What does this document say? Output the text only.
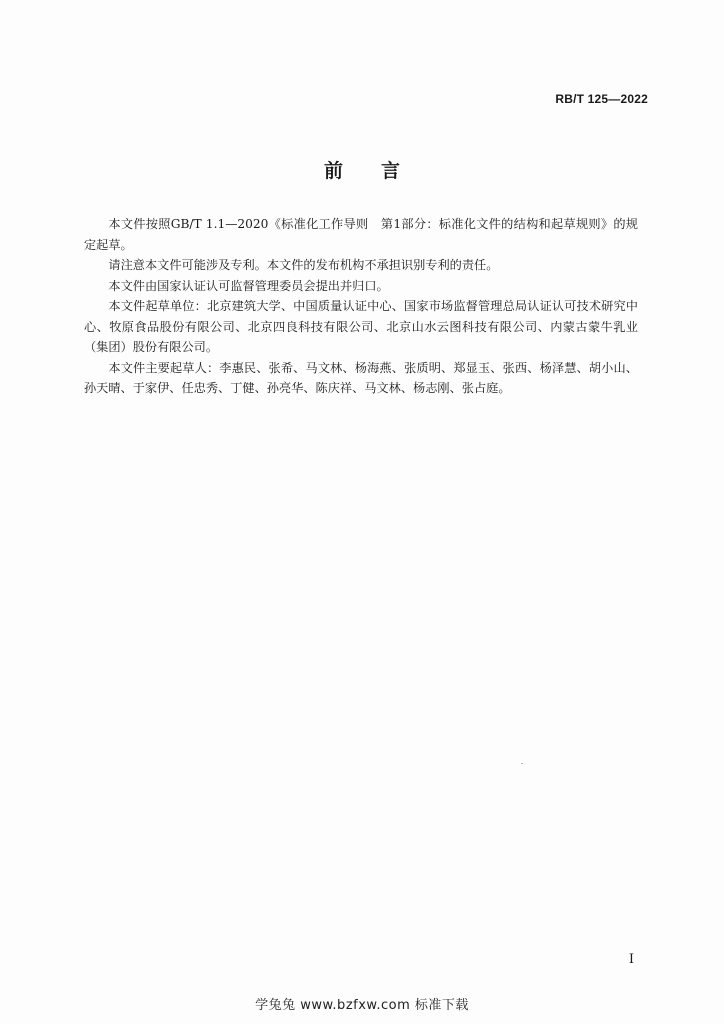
RB/T 125—2022
前言

本文件按照GB/T 1.1—2020《标准化工作导则　第1部分：标准化文件的结构和起草规则》的规定起草。

请注意本文件可能涉及专利。本文件的发布机构不承担识别专利的责任。

本文件由国家认证认可监督管理委员会提出并归口。

本文件起草单位：北京建筑大学、中国质量认证中心、国家市场监督管理总局认证认可技术研究中心、牧原食品股份有限公司、北京四良科技有限公司、北京山水云图科技有限公司、内蒙古蒙牛乳业（集团）股份有限公司。

本文件主要起草人：李惠民、张希、马文林、杨海燕、张质明、郑显玉、张西、杨泽慧、胡小山、孙天晴、于家伊、任忠秀、丁健、孙亮华、陈庆祥、马文林、杨志刚、张占庭。

I
学兔兔 www.bzfxw.com 标准下载
